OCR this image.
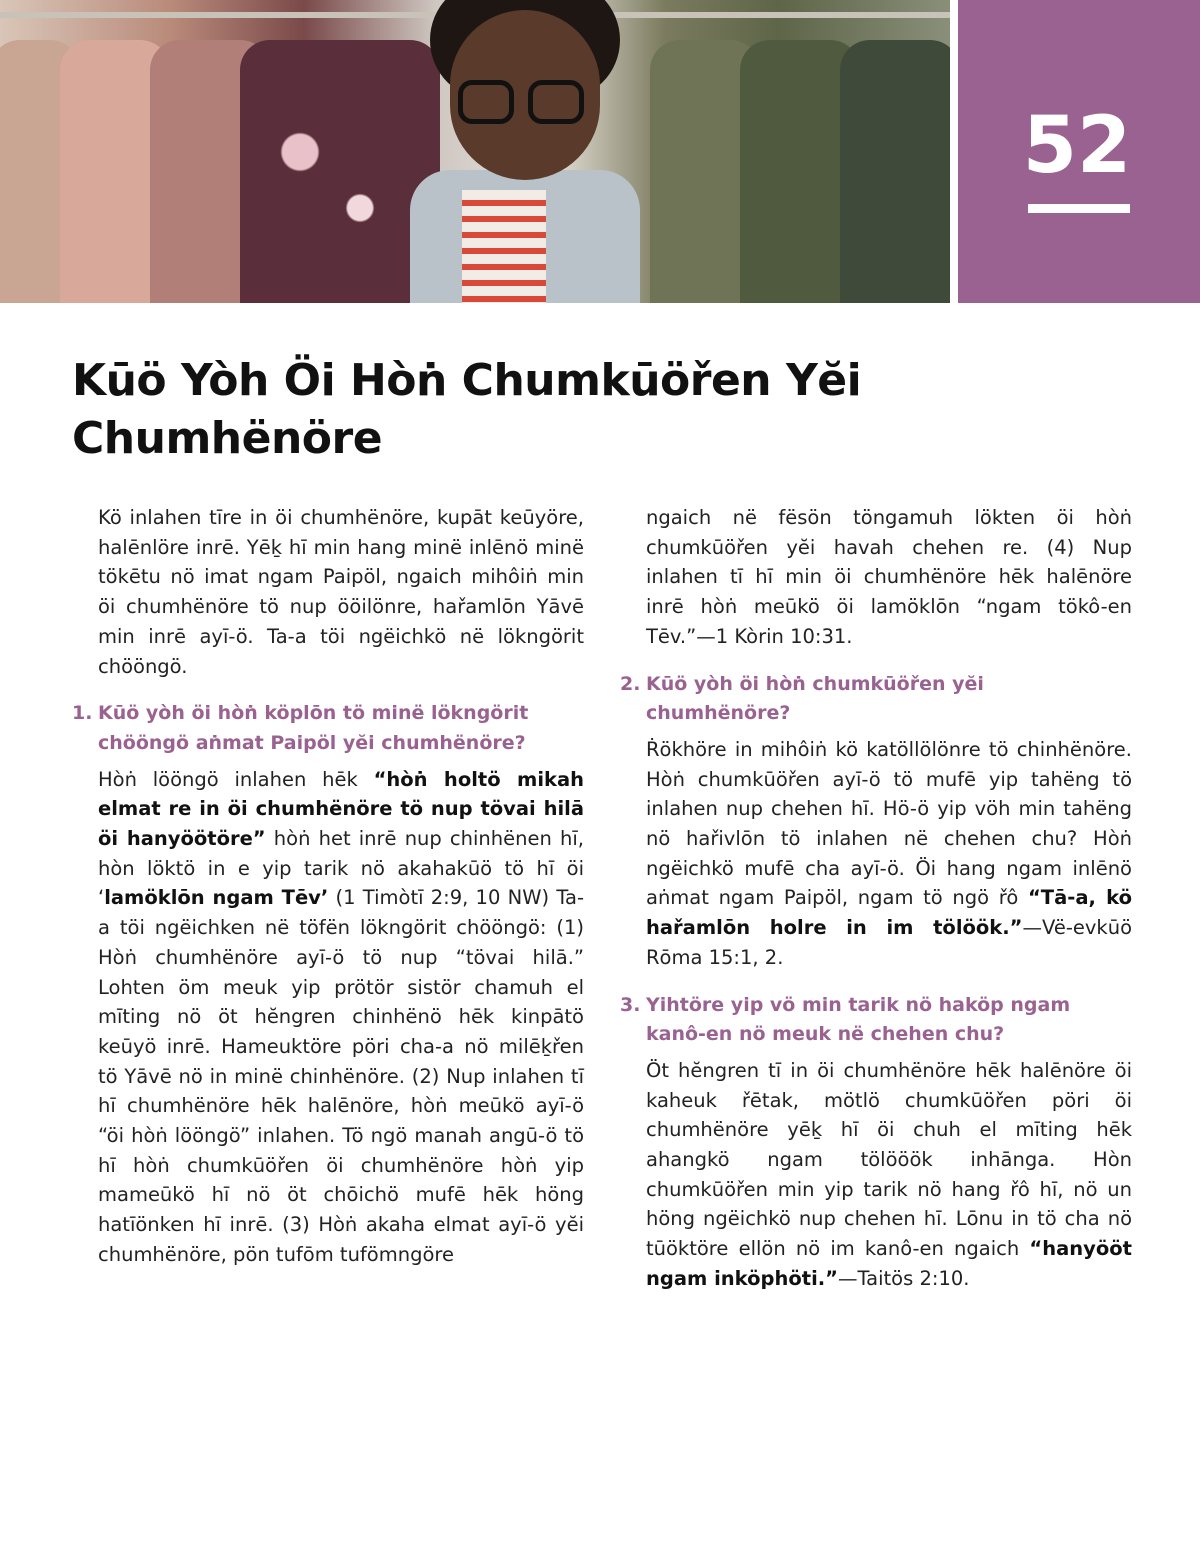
52
Kūö Yòh Öi Hòṅ Chumkūöřen Yĕi Chumhënöre

Kö inlahen tīre in öi chumhënöre, kupāt keūyöre, halēnlöre inrē. Yēḵ hī min hang minë inlēnö minë tökētu nö imat ngam Paipöl, ngaich mihôiṅ min öi chumhënöre tö nup ööilönre, hařamlōn Yāvē min inrē ayī-ö. Ta-a töi ngëichkö në lökngörit chööngö.

1. Kūö yòh öi hòṅ köplōn tö minë lökngörit chööngö aṅmat Paipöl yĕi chumhënöre?

Hòṅ lööngö inlahen hēk “hòṅ holtö mikah elmat re in öi chumhënöre tö nup tövai hilā öi hanyöötöre” hòṅ het inrē nup chinhënen hī, hòn löktö in e yip tarik nö akahakūö tö hī öi ‘lamöklōn ngam Tēv’ (1 Timòtī 2:9, 10 NW) Ta-a töi ngëichken në töfën lökngörit chööngö: (1) Hòṅ chumhënöre ayī-ö tö nup “tövai hilā.” Lohten öm meuk yip prötör sistör chamuh el mīting nö öt hĕngren chinhënö hēk kinpātö keūyö inrē. Hameuktöre pöri cha-a nö milēḵřen tö Yāvē nö in minë chinhënöre. (2) Nup inlahen tī hī chumhënöre hēk halēnöre, hòṅ meūkö ayī-ö “öi hòṅ lööngö” inlahen. Tö ngö manah angū-ö tö hī hòṅ chumkūöřen öi chumhënöre hòṅ yip mameūkö hī nö öt chōichö mufē hēk höng hatīönken hī inrē. (3) Hòṅ akaha elmat ayī-ö yĕi chumhënöre, pön tufōm tufömngöre

ngaich në fësön töngamuh lökten öi hòṅ chumkūöřen yĕi havah chehen re. (4) Nup inlahen tī hī min öi chumhënöre hēk halēnöre inrē hòṅ meūkö öi lamöklōn “ngam tökô-en Tēv.”—1 Kòrin 10:31.

2. Kūö yòh öi hòṅ chumkūöřen yĕi chumhënöre?

Ṙökhöre in mihôiṅ kö katöllölönre tö chinhënöre. Hòṅ chumkūöřen ayī-ö tö mufē yip tahëng tö inlahen nup chehen hī. Hö-ö yip vöh min tahëng nö hařivlōn tö inlahen në chehen chu? Hòṅ ngëichkö mufē cha ayī-ö. Öi hang ngam inlēnö aṅmat ngam Paipöl, ngam tö ngö řô “Tā-a, kö hařamlōn holre in im tölöök.”—Vë-evkūö Rōma 15:1, 2.

3. Yihtöre yip vö min tarik nö haköp ngam kanô-en nö meuk në chehen chu?

Öt hĕngren tī in öi chumhënöre hēk halēnöre öi kaheuk řētak, mötlö chumkūöřen pöri öi chumhënöre yēḵ hī öi chuh el mīting hēk ahangkö ngam tölööök inhānga. Hòn chumkūöřen min yip tarik nö hang řô hī, nö un höng ngëichkö nup chehen hī. Lōnu in tö cha nö tūöktöre ellön nö im kanô-en ngaich “hanyööt ngam inköphöti.”—Taitös 2:10.
